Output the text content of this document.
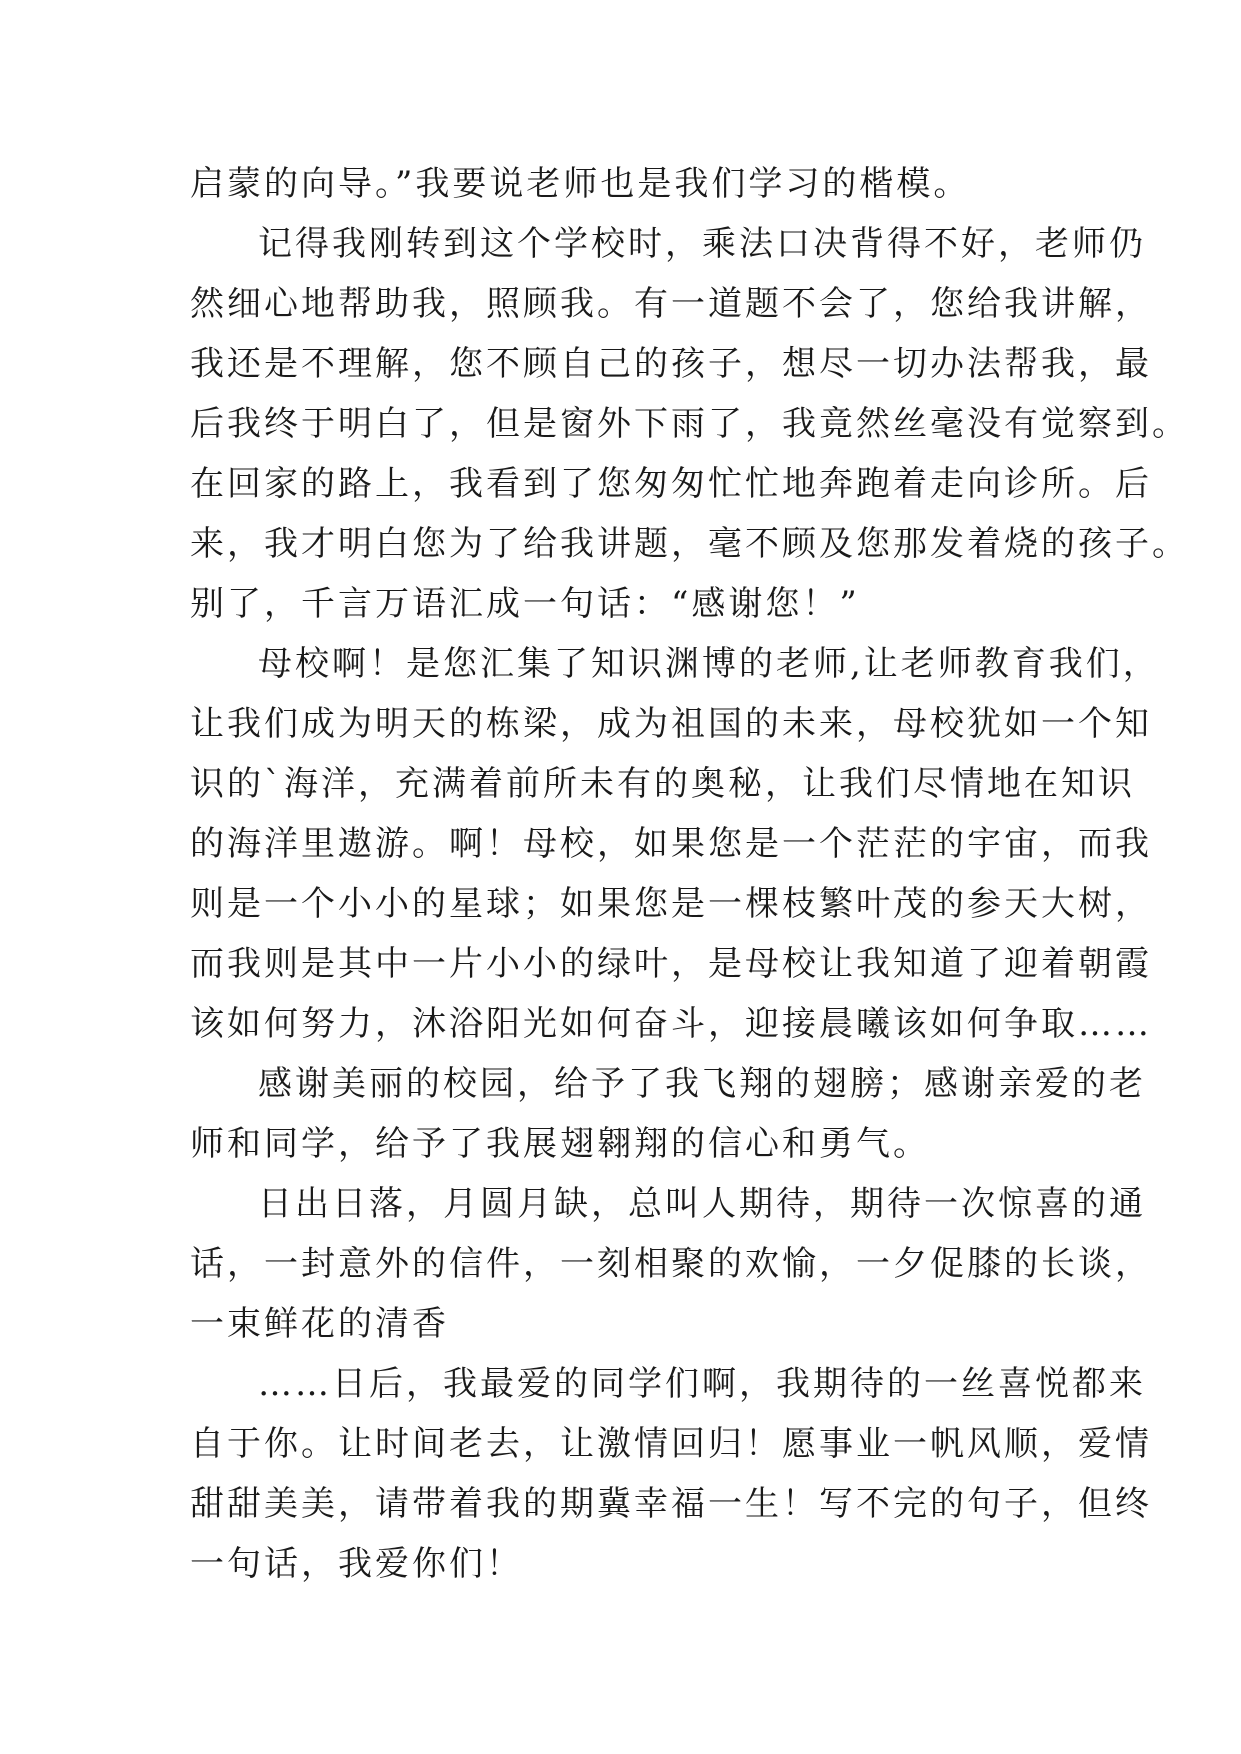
启蒙的向导。”我要说老师也是我们学习的楷模。
记得我刚转到这个学校时，乘法口决背得不好，老师仍
然细心地帮助我，照顾我。有一道题不会了，您给我讲解，
我还是不理解，您不顾自己的孩子，想尽一切办法帮我，最
后我终于明白了，但是窗外下雨了，我竟然丝毫没有觉察到。
在回家的路上，我看到了您匆匆忙忙地奔跑着走向诊所。后
来，我才明白您为了给我讲题，毫不顾及您那发着烧的孩子。
别了，千言万语汇成一句话：“感谢您！”
母校啊！是您汇集了知识渊博的老师,让老师教育我们，
让我们成为明天的栋梁，成为祖国的未来，母校犹如一个知
识的`海洋，充满着前所未有的奥秘，让我们尽情地在知识
的海洋里遨游。啊！母校，如果您是一个茫茫的宇宙，而我
则是一个小小的星球；如果您是一棵枝繁叶茂的参天大树，
而我则是其中一片小小的绿叶，是母校让我知道了迎着朝霞
该如何努力，沐浴阳光如何奋斗，迎接晨曦该如何争取……
感谢美丽的校园，给予了我飞翔的翅膀；感谢亲爱的老
师和同学，给予了我展翅翱翔的信心和勇气。
日出日落，月圆月缺，总叫人期待，期待一次惊喜的通
话，一封意外的信件，一刻相聚的欢愉，一夕促膝的长谈，
一束鲜花的清香
……日后，我最爱的同学们啊，我期待的一丝喜悦都来
自于你。让时间老去，让激情回归！愿事业一帆风顺，爱情
甜甜美美，请带着我的期冀幸福一生！写不完的句子，但终
一句话，我爱你们！
